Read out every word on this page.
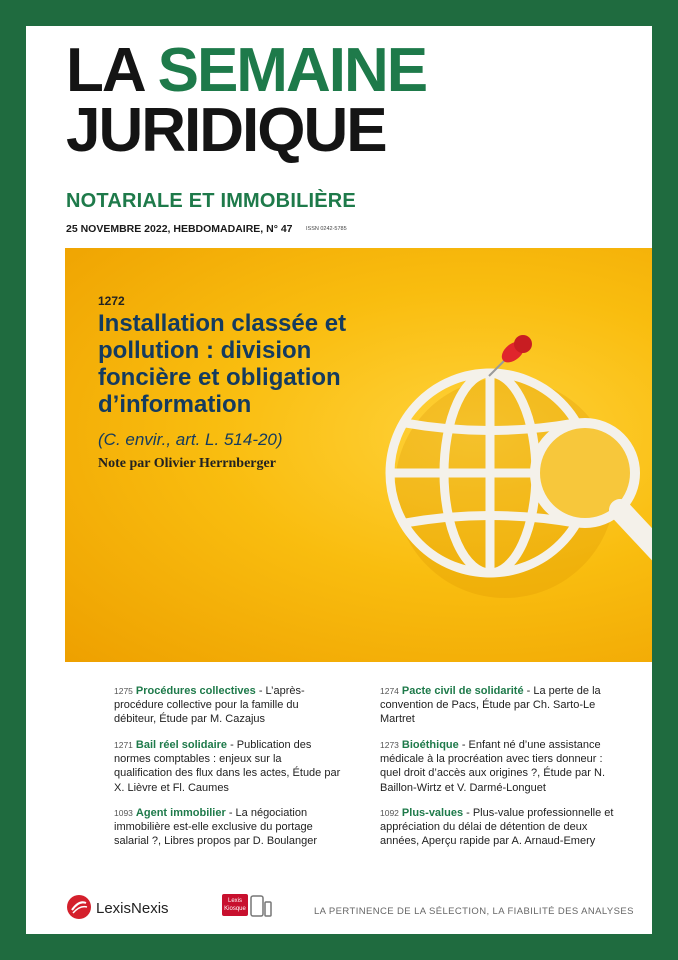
LA SEMAINE
JURIDIQUE
NOTARIALE ET IMMOBILIÈRE
25 NOVEMBRE 2022, HEBDOMADAIRE, N° 47 ISSN 0242-5785
1272
Installation classée et pollution : division foncière et obligation d’information
(C. envir., art. L. 514-20)
Note par Olivier Herrnberger
1275 Procédures collectives - L’après-procédure collective pour la famille du débiteur, Étude par M. Cazajus
1274 Pacte civil de solidarité - La perte de la convention de Pacs, Étude par Ch. Sarto-Le Martret
1271 Bail réel solidaire - Publication des normes comptables : enjeux sur la qualification des flux dans les actes, Étude par X. Lièvre et Fl. Caumes
1273 Bioéthique - Enfant né d’une assistance médicale à la procréation avec tiers donneur : quel droit d’accès aux origines ?, Étude par N. Baillon-Wirtz et V. Darmé-Longuet
1093 Agent immobilier - La négociation immobilière est-elle exclusive du portage salarial ?, Libres propos par D. Boulanger
1092 Plus-values - Plus-value professionnelle et appréciation du délai de détention de deux années, Aperçu rapide par A. Arnaud-Emery
LexisNexis	Lexis
Kiosque	LA PERTINENCE DE LA SÉLECTION, LA FIABILITÉ DES ANALYSES
